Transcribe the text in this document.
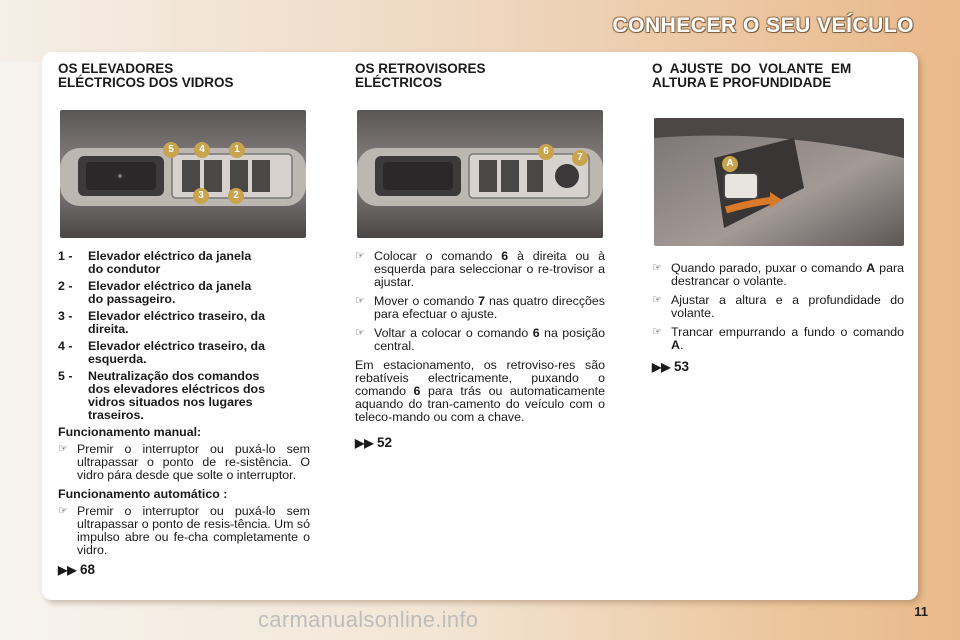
CONHECER O SEU VEÍCULO
OS ELEVADORES
ELÉCTRICOS DOS VIDROS
5	4	1
3	2
1 -	Elevador eléctrico da janela
do condutor
2 -	Elevador eléctrico da janela
do passageiro.
3 -	Elevador eléctrico traseiro, da
direita.
4 -	Elevador eléctrico traseiro, da
esquerda.
5 -	Neutralização dos comandos
dos elevadores eléctricos dos
vidros situados nos lugares
traseiros.
Funcionamento manual:
☞ Premir o interruptor ou puxá-lo sem ultrapassar o ponto de re-sistência. O vidro pára desde que solte o interruptor.
Funcionamento automático :
☞ Premir o interruptor ou puxá-lo sem ultrapassar o ponto de resis-tência. Um só impulso abre ou fe-cha completamente o vidro.
▶▶ 68
OS RETROVISORES
ELÉCTRICOS
6
7
☞ Colocar o comando 6 à direita ou à esquerda para seleccionar o re-trovisor a ajustar.
☞ Mover o comando 7 nas quatro direcções para efectuar o ajuste.
☞ Voltar a colocar o comando 6 na posição central.
Em estacionamento, os retroviso-res são rebatíveis electricamente, puxando o comando 6 para trás ou automaticamente aquando do tran-camento do veículo com o teleco-mando ou com a chave.
▶▶ 52
O AJUSTE DO VOLANTE EM
ALTURA E PROFUNDIDADE
A
☞ Quando parado, puxar o comando A para destrancar o volante.
☞ Ajustar a altura e a profundidade do volante.
☞ Trancar empurrando a fundo o comando A.
▶▶ 53
11
carmanualsonline.info
